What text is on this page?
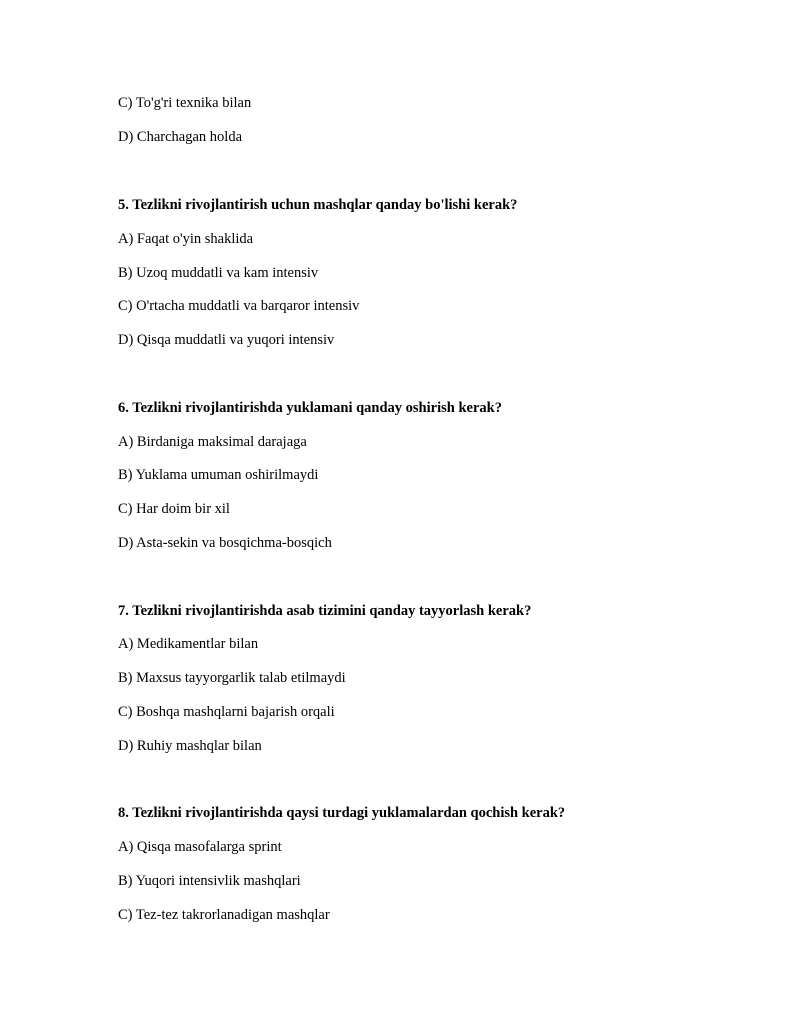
C) To'g'ri texnika bilan
D) Charchagan holda
5. Tezlikni rivojlantirish uchun mashqlar qanday bo'lishi kerak?
A) Faqat o'yin shaklida
B) Uzoq muddatli va kam intensiv
C) O'rtacha muddatli va barqaror intensiv
D) Qisqa muddatli va yuqori intensiv
6. Tezlikni rivojlantirishda yuklamani qanday oshirish kerak?
A) Birdaniga maksimal darajaga
B) Yuklama umuman oshirilmaydi
C) Har doim bir xil
D) Asta-sekin va bosqichma-bosqich
7. Tezlikni rivojlantirishda asab tizimini qanday tayyorlash kerak?
A) Medikamentlar bilan
B) Maxsus tayyorgarlik talab etilmaydi
C) Boshqa mashqlarni bajarish orqali
D) Ruhiy mashqlar bilan
8. Tezlikni rivojlantirishda qaysi turdagi yuklamalardan qochish kerak?
A) Qisqa masofalarga sprint
B) Yuqori intensivlik mashqlari
C) Tez-tez takrorlanadigan mashqlar
